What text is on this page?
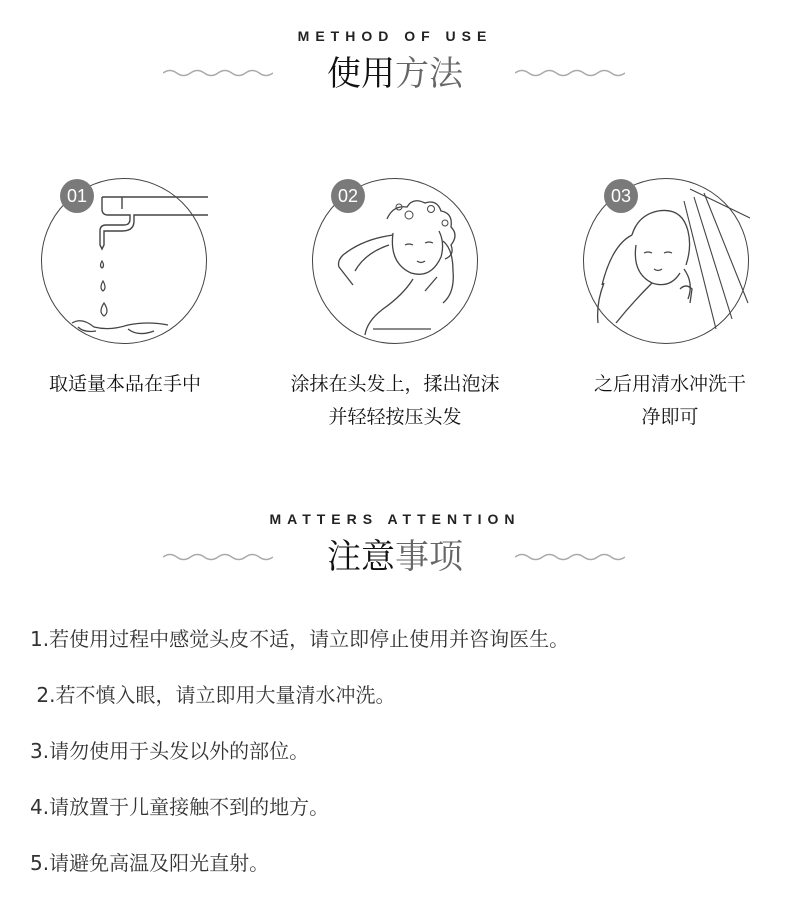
METHOD OF USE
使用方法
01
取适量本品在手中
02
涂抹在头发上，揉出泡沫
并轻轻按压头发
03
之后用清水冲洗干
净即可
MATTERS ATTENTION
注意事项
1.若使用过程中感觉头皮不适，请立即停止使用并咨询医生。
2.若不慎入眼，请立即用大量清水冲洗。
3.请勿使用于头发以外的部位。
4.请放置于儿童接触不到的地方。
5.请避免高温及阳光直射。
